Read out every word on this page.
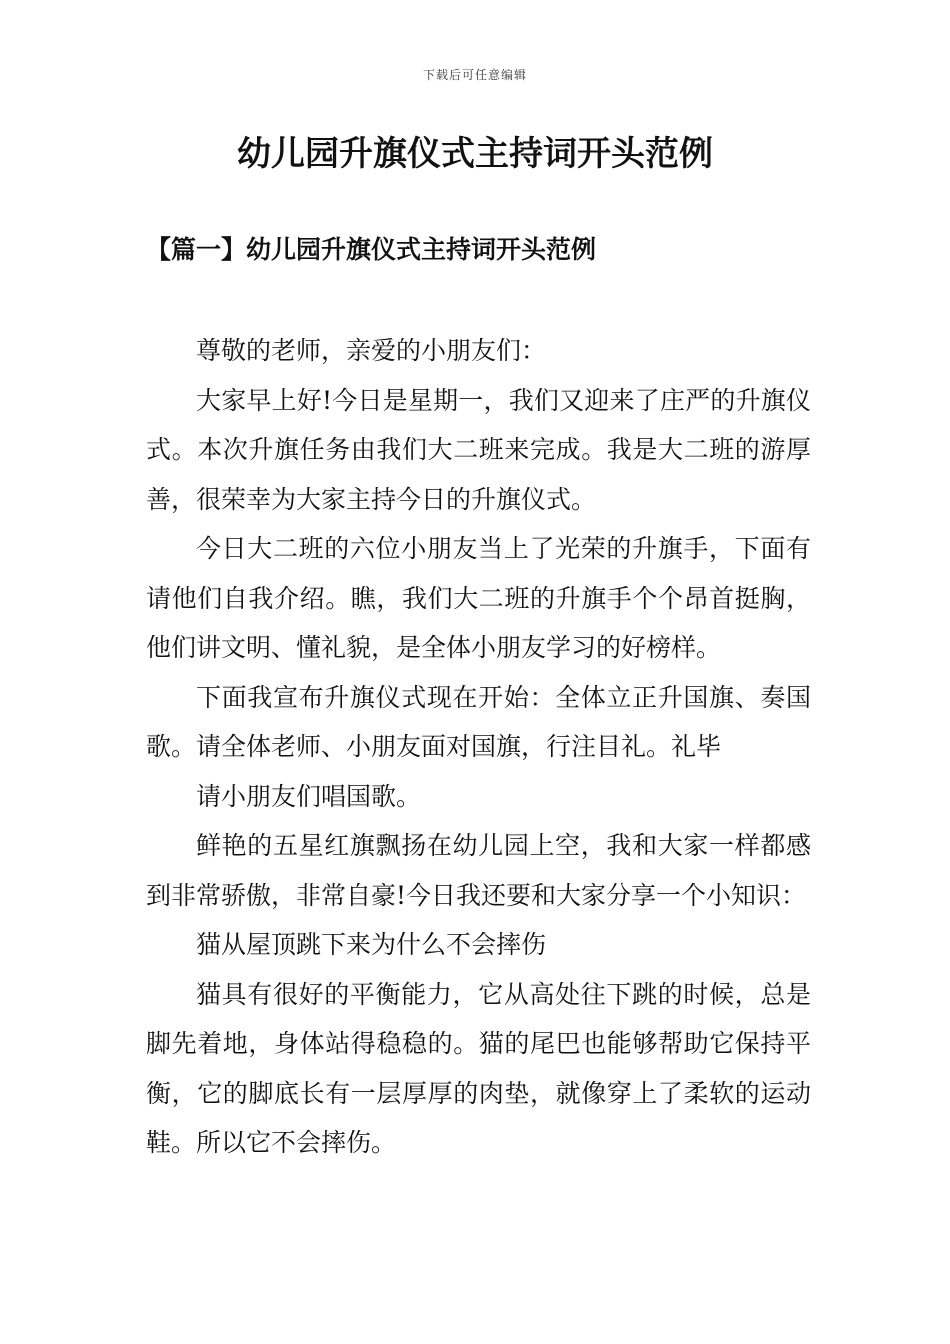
下载后可任意编辑
幼儿园升旗仪式主持词开头范例
【篇一】幼儿园升旗仪式主持词开头范例

尊敬的老师，亲爱的小朋友们：

大家早上好!今日是星期一，我们又迎来了庄严的升旗仪式。本次升旗任务由我们大二班来完成。我是大二班的游厚善，很荣幸为大家主持今日的升旗仪式。

今日大二班的六位小朋友当上了光荣的升旗手，下面有请他们自我介绍。瞧，我们大二班的升旗手个个昂首挺胸，他们讲文明、懂礼貌，是全体小朋友学习的好榜样。

下面我宣布升旗仪式现在开始：全体立正升国旗、奏国歌。请全体老师、小朋友面对国旗，行注目礼。礼毕

请小朋友们唱国歌。

鲜艳的五星红旗飘扬在幼儿园上空，我和大家一样都感到非常骄傲，非常自豪!今日我还要和大家分享一个小知识：

猫从屋顶跳下来为什么不会摔伤

猫具有很好的平衡能力，它从高处往下跳的时候，总是脚先着地，身体站得稳稳的。猫的尾巴也能够帮助它保持平衡，它的脚底长有一层厚厚的肉垫，就像穿上了柔软的运动鞋。所以它不会摔伤。
